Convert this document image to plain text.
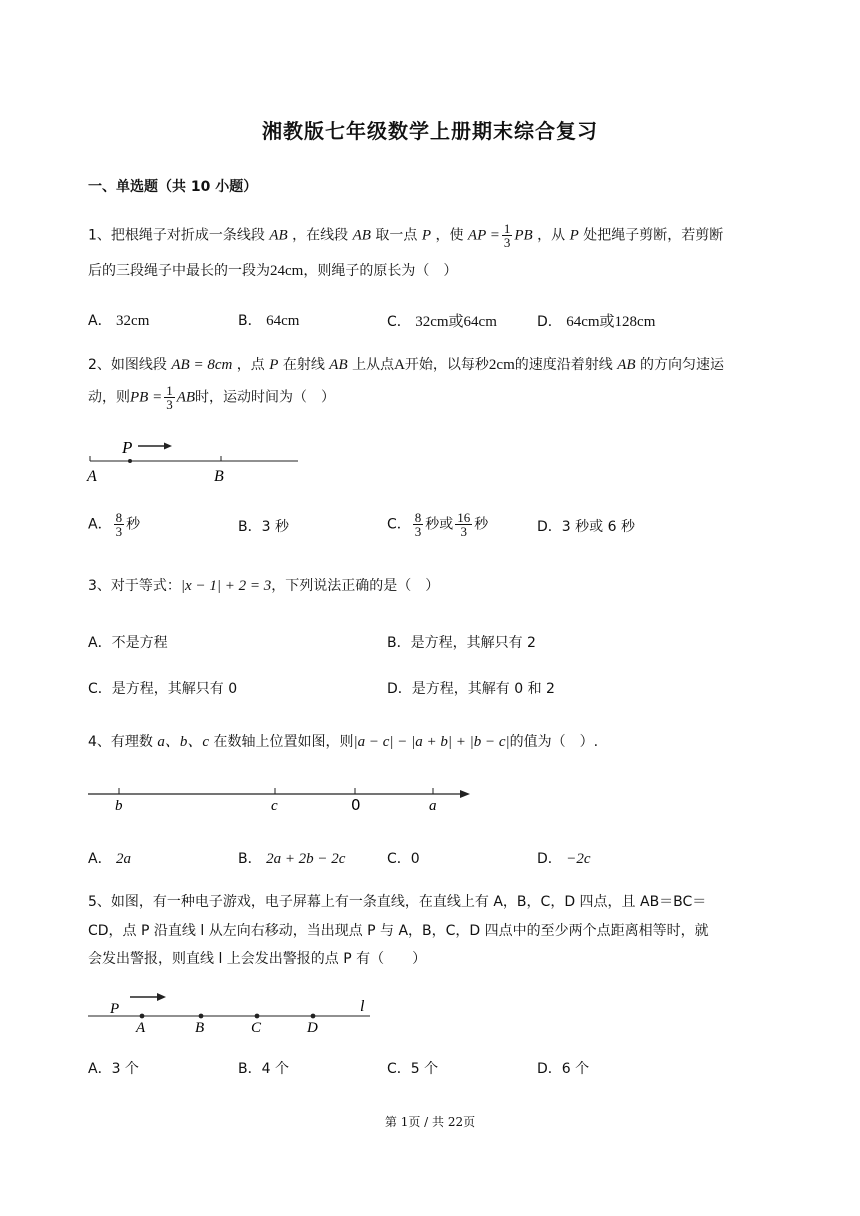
湘教版七年级数学上册期末综合复习
一、单选题（共 10 小题）
1、把根绳子对折成一条线段 AB ，在线段 AB 取一点 P ，使 AP = $\frac{1}{3}$ PB ，从 P 处把绳子剪断，若剪断
后的三段绳子中最长的一段为24cm，则绳子的原长为（　）
A． 32cm	B． 64cm	C． 32cm或64cm	D． 64cm或128cm
2、如图线段 AB = 8cm ，点 P 在射线 AB 上从点A开始，以每秒2cm的速度沿着射线 AB 的方向匀速运
动，则PB = $\frac{1}{3}$ AB时，运动时间为（　）
P
A	B
A． $\frac{8}{3}$ 秒	B．3 秒	C． $\frac{8}{3}$ 秒或 $\frac{16}{3}$ 秒	D．3 秒或 6 秒
3、对于等式：|x − 1| + 2 = 3，下列说法正确的是（　）
A．不是方程	B．是方程，其解只有 2
C．是方程，其解只有 0	D．是方程，其解有 0 和 2
4、有理数 a、b、c 在数轴上位置如图，则|a − c| − |a + b| + |b − c|的值为（　）.
b	c	0	a
A． 2a	B． 2a + 2b − 2c	C．0	D． −2c
5、如图，有一种电子游戏，电子屏幕上有一条直线，在直线上有 A，B，C，D 四点，且 AB＝BC＝
CD，点 P 沿直线 l 从左向右移动，当出现点 P 与 A，B，C，D 四点中的至少两个点距离相等时，就
会发出警报，则直线 l 上会发出警报的点 P 有（　　）
P
A	B	C	D
l
A．3 个	B．4 个	C．5 个	D．6 个
第 1页 / 共 22页
